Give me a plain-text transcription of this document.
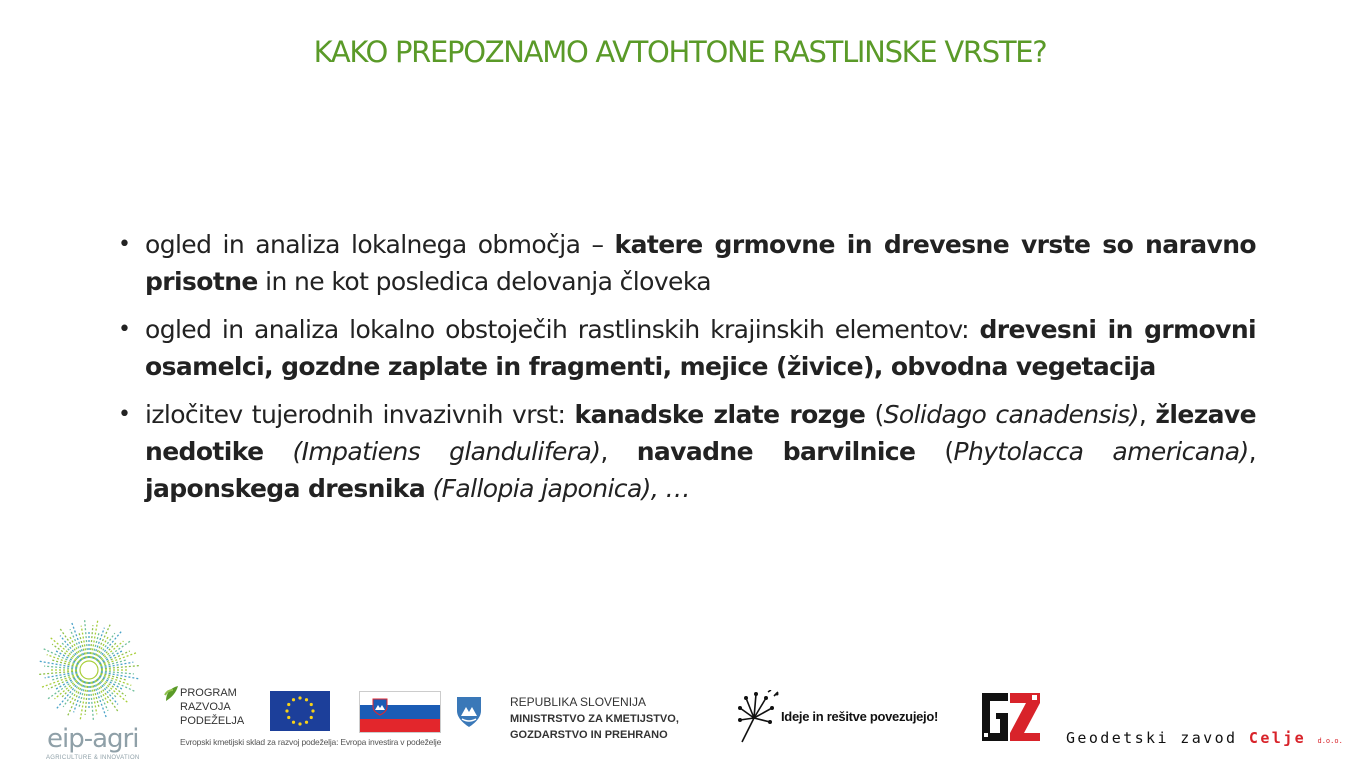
KAKO PREPOZNAMO AVTOHTONE RASTLINSKE VRSTE?
• ogled in analiza lokalnega območja – katere grmovne in drevesne vrste so naravno prisotne in ne kot posledica delovanja človeka
• ogled in analiza lokalno obstoječih rastlinskih krajinskih elementov: drevesni in grmovni osamelci, gozdne zaplate in fragmenti, mejice (živice), obvodna vegetacija
• izločitev tujerodnih invazivnih vrst: kanadske zlate rozge (Solidago canadensis), žlezave nedotike (Impatiens glandulifera), navadne barvilnice (Phytolacca americana), japonskega dresnika (Fallopia japonica), …
eip-agri
AGRICULTURE & INNOVATION
PROGRAM
RAZVOJA
PODEŽELJA
Evropski kmetijski sklad za razvoj podeželja: Evropa investira v podeželje
REPUBLIKA SLOVENIJA
MINISTRSTVO ZA KMETIJSTVO,
GOZDARSTVO IN PREHRANO
Ideje in rešitve povezujejo!
Geodetski zavod Celje d.o.o.
